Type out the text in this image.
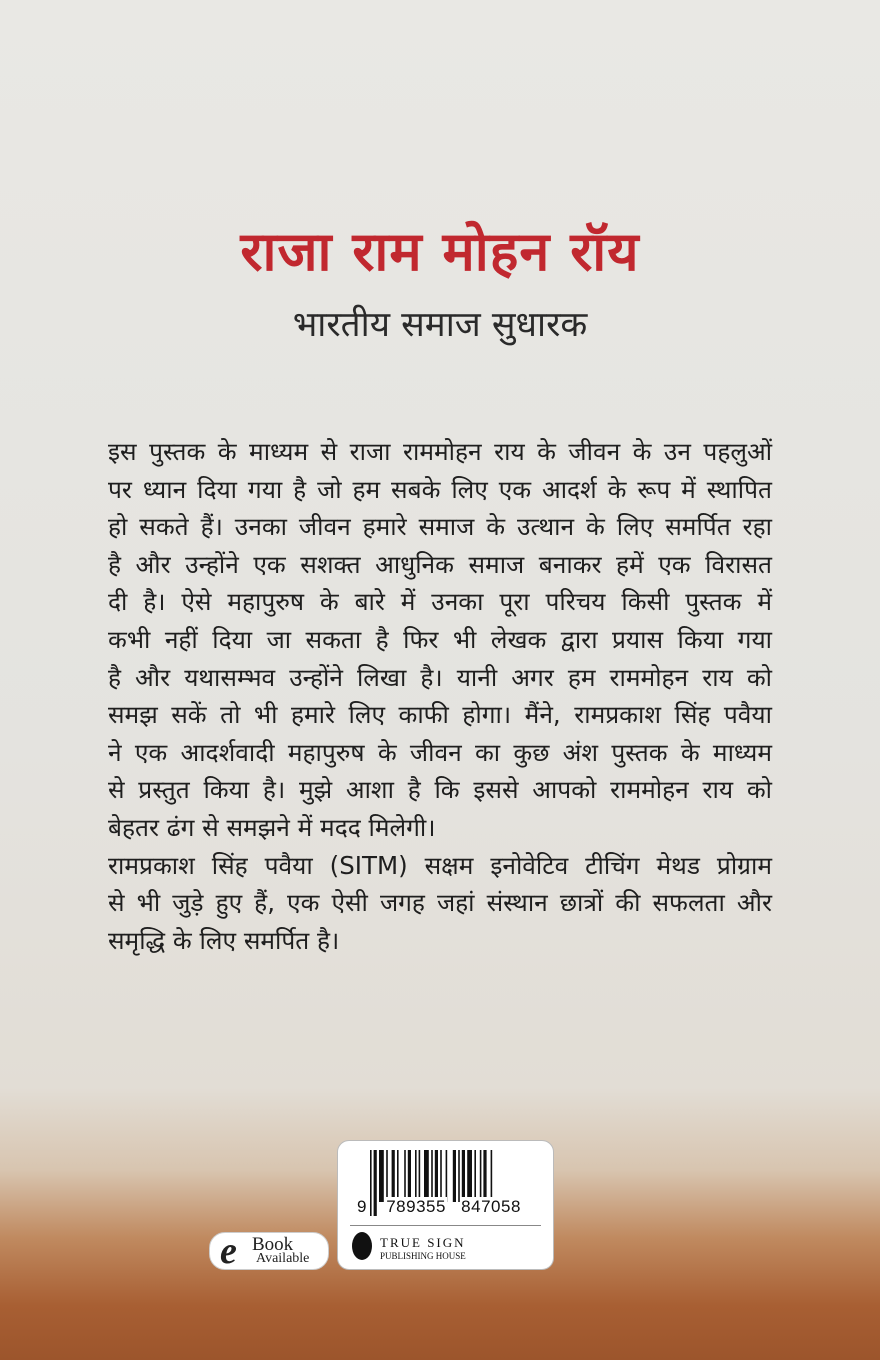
राजा राम मोहन रॉय
भारतीय समाज सुधारक
इस पुस्तक के माध्यम से राजा राममोहन राय के जीवन के उन पहलुओं
पर ध्यान दिया गया है जो हम सबके लिए एक आदर्श के रूप में स्थापित
हो सकते हैं। उनका जीवन हमारे समाज के उत्थान के लिए समर्पित रहा
है और उन्होंने एक सशक्त आधुनिक समाज बनाकर हमें एक विरासत
दी है। ऐसे महापुरुष के बारे में उनका पूरा परिचय किसी पुस्तक में
कभी नहीं दिया जा सकता है फिर भी लेखक द्वारा प्रयास किया गया
है और यथासम्भव उन्होंने लिखा है। यानी अगर हम राममोहन राय को
समझ सकें तो भी हमारे लिए काफी होगा। मैंने, रामप्रकाश सिंह पवैया
ने एक आदर्शवादी महापुरुष के जीवन का कुछ अंश पुस्तक के माध्यम
से प्रस्तुत किया है। मुझे आशा है कि इससे आपको राममोहन राय को
बेहतर ढंग से समझने में मदद मिलेगी।
रामप्रकाश सिंह पवैया (SITM) सक्षम इनोवेटिव टीचिंग मेथड प्रोग्राम
से भी जुड़े हुए हैं, एक ऐसी जगह जहां संस्थान छात्रों की सफलता और
समृद्धि के लिए समर्पित है।
e Book
Available
9 789355 847058
TRUE SIGN
PUBLISHING HOUSE
